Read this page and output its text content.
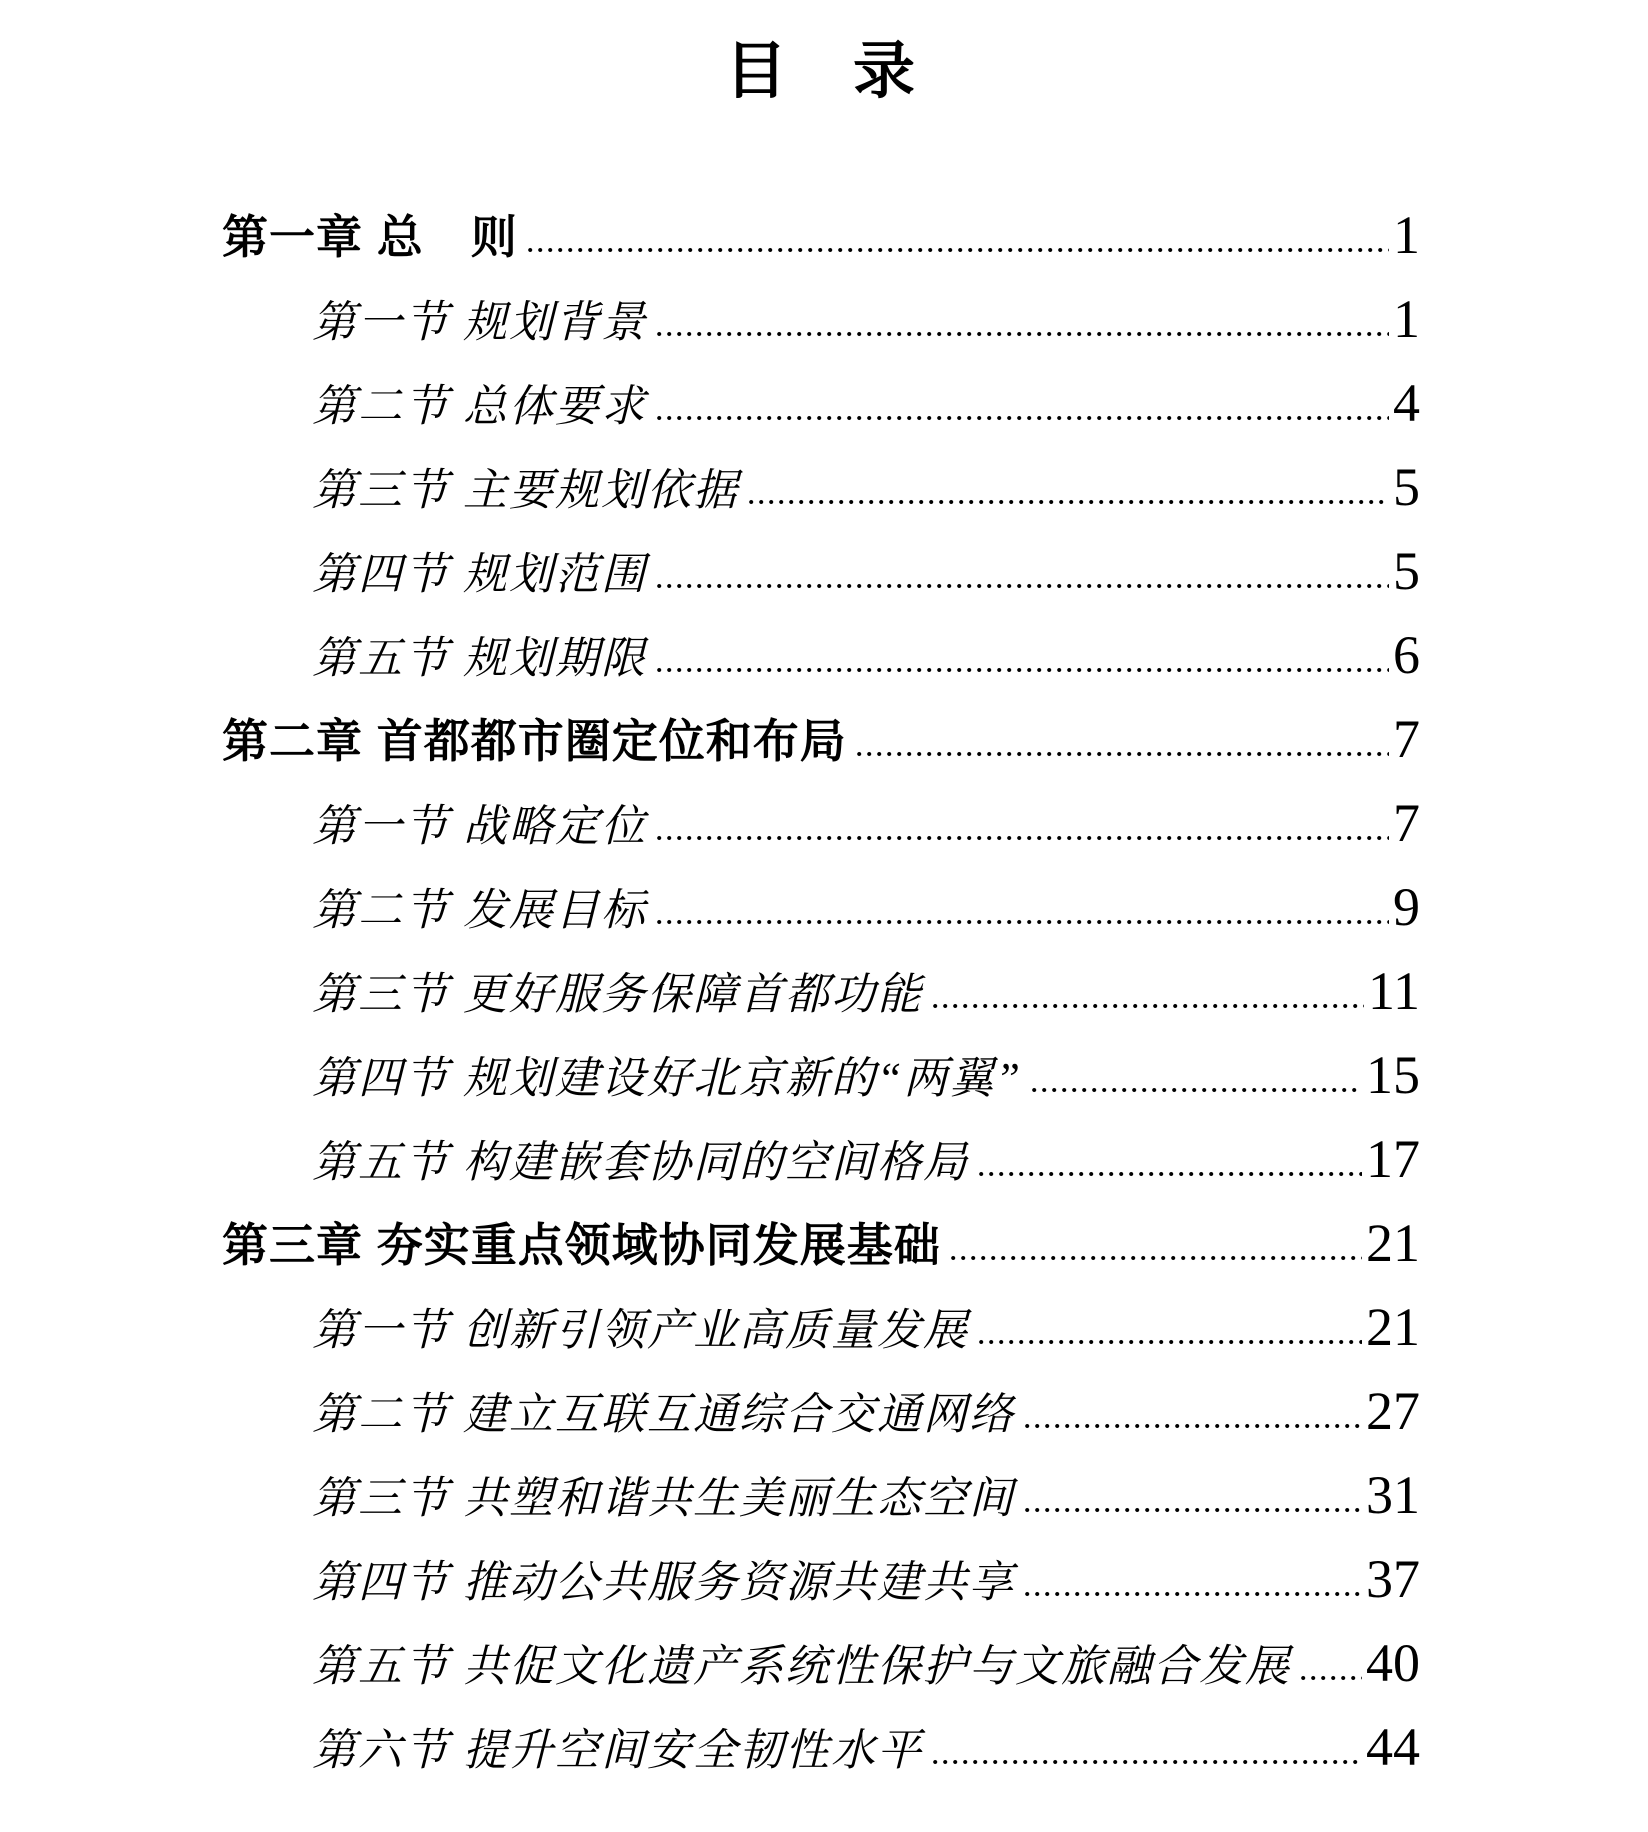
目　录
第一章 总　则	1
第一节 规划背景	1
第二节 总体要求	4
第三节 主要规划依据	5
第四节 规划范围	5
第五节 规划期限	6
第二章 首都都市圈定位和布局	7
第一节 战略定位	7
第二节 发展目标	9
第三节 更好服务保障首都功能	11
第四节 规划建设好北京新的“两翼”	15
第五节 构建嵌套协同的空间格局	17
第三章 夯实重点领域协同发展基础	21
第一节 创新引领产业高质量发展	21
第二节 建立互联互通综合交通网络	27
第三节 共塑和谐共生美丽生态空间	31
第四节 推动公共服务资源共建共享	37
第五节 共促文化遗产系统性保护与文旅融合发展 40
第六节 提升空间安全韧性水平	44
